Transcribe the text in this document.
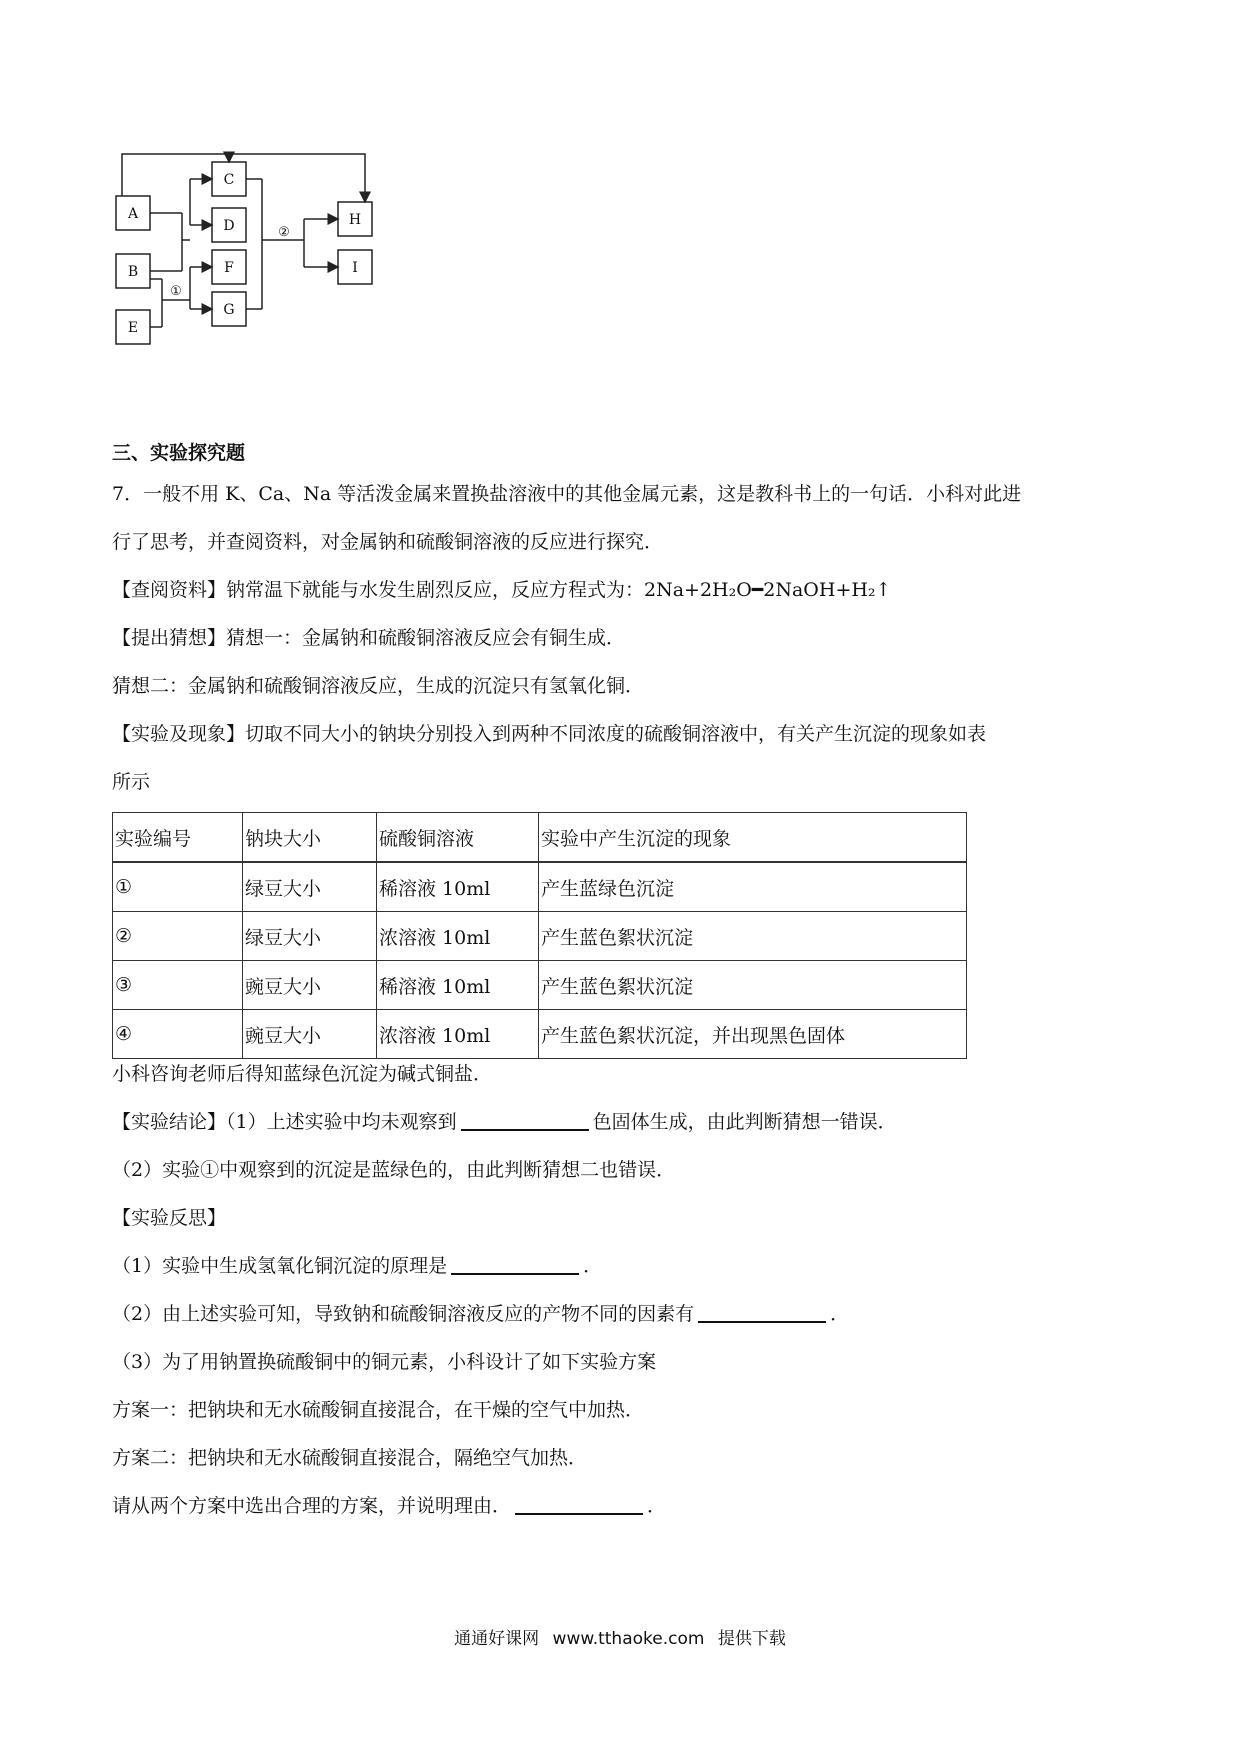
A
B
E
C
D
F
G
H
I
①
②
三、实验探究题
7．一般不用 K、Ca、Na 等活泼金属来置换盐溶液中的其他金属元素，这是教科书上的一句话．小科对此进
行了思考，并查阅资料，对金属钠和硫酸铜溶液的反应进行探究．
【查阅资料】钠常温下就能与水发生剧烈反应，反应方程式为：2Na+2H₂O━2NaOH+H₂↑
【提出猜想】猜想一：金属钠和硫酸铜溶液反应会有铜生成．
猜想二：金属钠和硫酸铜溶液反应，生成的沉淀只有氢氧化铜．
【实验及现象】切取不同大小的钠块分别投入到两种不同浓度的硫酸铜溶液中，有关产生沉淀的现象如表
所示
实验编号	钠块大小	硫酸铜溶液	实验中产生沉淀的现象
①	绿豆大小	稀溶液 10ml	产生蓝绿色沉淀
②	绿豆大小	浓溶液 10ml	产生蓝色絮状沉淀
③	豌豆大小	稀溶液 10ml	产生蓝色絮状沉淀
④	豌豆大小	浓溶液 10ml	产生蓝色絮状沉淀，并出现黑色固体
小科咨询老师后得知蓝绿色沉淀为碱式铜盐．
【实验结论】（1）上述实验中均未观察到	色固体生成，由此判断猜想一错误．
（2）实验①中观察到的沉淀是蓝绿色的，由此判断猜想二也错误．
【实验反思】
（1）实验中生成氢氧化铜沉淀的原理是	．
（2）由上述实验可知，导致钠和硫酸铜溶液反应的产物不同的因素有	．
（3）为了用钠置换硫酸铜中的铜元素，小科设计了如下实验方案
方案一：把钠块和无水硫酸铜直接混合，在干燥的空气中加热．
方案二：把钠块和无水硫酸铜直接混合，隔绝空气加热．
请从两个方案中选出合理的方案，并说明理由．	．
通通好课网 www.tthaoke.com 提供下载
